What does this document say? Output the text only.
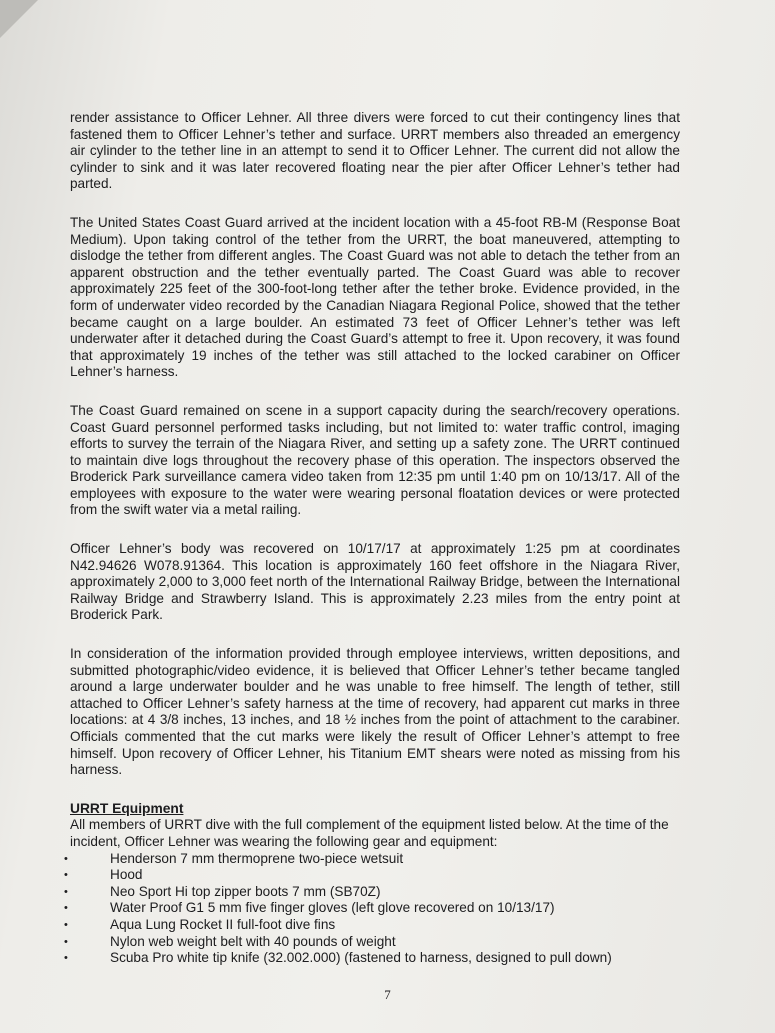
render assistance to Officer Lehner. All three divers were forced to cut their contingency lines that fastened them to Officer Lehner’s tether and surface. URRT members also threaded an emergency air cylinder to the tether line in an attempt to send it to Officer Lehner. The current did not allow the cylinder to sink and it was later recovered floating near the pier after Officer Lehner’s tether had parted.

The United States Coast Guard arrived at the incident location with a 45-foot RB-M (Response Boat Medium). Upon taking control of the tether from the URRT, the boat maneuvered, attempting to dislodge the tether from different angles. The Coast Guard was not able to detach the tether from an apparent obstruction and the tether eventually parted. The Coast Guard was able to recover approximately 225 feet of the 300-foot-long tether after the tether broke. Evidence provided, in the form of underwater video recorded by the Canadian Niagara Regional Police, showed that the tether became caught on a large boulder. An estimated 73 feet of Officer Lehner’s tether was left underwater after it detached during the Coast Guard’s attempt to free it. Upon recovery, it was found that approximately 19 inches of the tether was still attached to the locked carabiner on Officer Lehner’s harness.

The Coast Guard remained on scene in a support capacity during the search/recovery operations. Coast Guard personnel performed tasks including, but not limited to: water traffic control, imaging efforts to survey the terrain of the Niagara River, and setting up a safety zone. The URRT continued to maintain dive logs throughout the recovery phase of this operation. The inspectors observed the Broderick Park surveillance camera video taken from 12:35 pm until 1:40 pm on 10/13/17. All of the employees with exposure to the water were wearing personal floatation devices or were protected from the swift water via a metal railing.

Officer Lehner’s body was recovered on 10/17/17 at approximately 1:25 pm at coordinates N42.94626 W078.91364. This location is approximately 160 feet offshore in the Niagara River, approximately 2,000 to 3,000 feet north of the International Railway Bridge, between the International Railway Bridge and Strawberry Island. This is approximately 2.23 miles from the entry point at Broderick Park.

In consideration of the information provided through employee interviews, written depositions, and submitted photographic/video evidence, it is believed that Officer Lehner’s tether became tangled around a large underwater boulder and he was unable to free himself. The length of tether, still attached to Officer Lehner’s safety harness at the time of recovery, had apparent cut marks in three locations: at 4 3/8 inches, 13 inches, and 18 ½ inches from the point of attachment to the carabiner. Officials commented that the cut marks were likely the result of Officer Lehner’s attempt to free himself. Upon recovery of Officer Lehner, his Titanium EMT shears were noted as missing from his harness.

URRT Equipment

All members of URRT dive with the full complement of the equipment listed below. At the time of the incident, Officer Lehner was wearing the following gear and equipment:

• Henderson 7 mm thermoprene two-piece wetsuit
• Hood
• Neo Sport Hi top zipper boots 7 mm (SB70Z)
• Water Proof G1 5 mm five finger gloves (left glove recovered on 10/13/17)
• Aqua Lung Rocket II full-foot dive fins
• Nylon web weight belt with 40 pounds of weight
• Scuba Pro white tip knife (32.002.000) (fastened to harness, designed to pull down)
7
